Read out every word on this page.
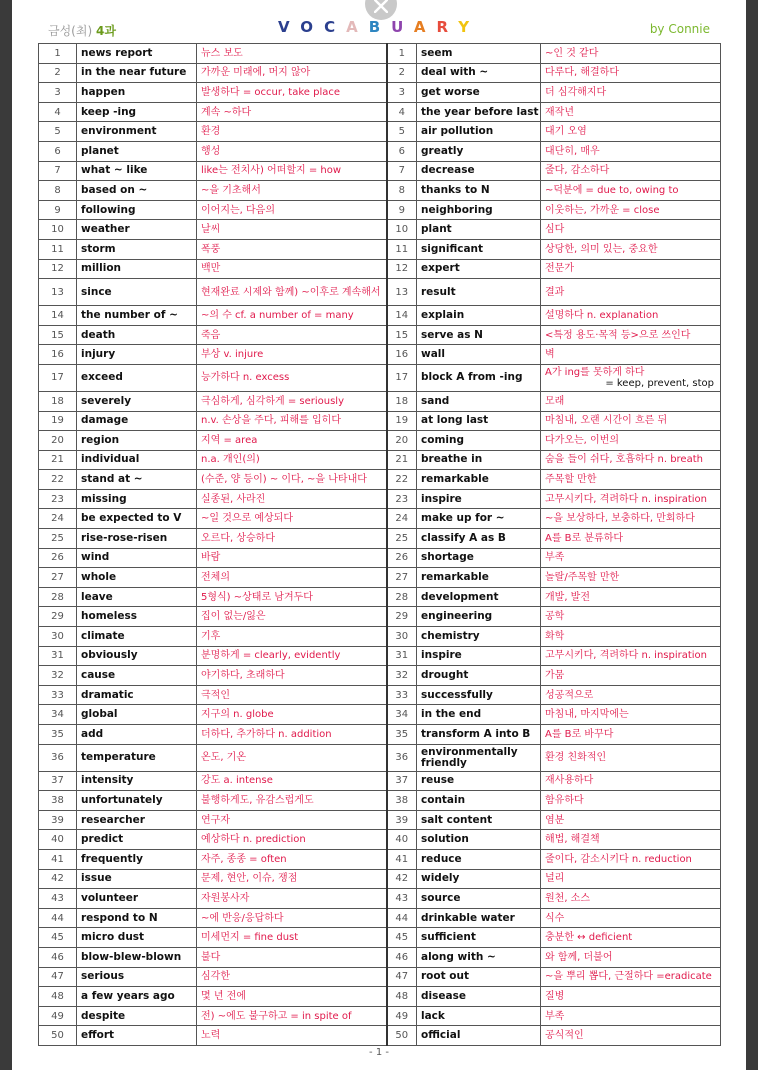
금성(최) 4과	VOCABUARY	by Connie
1	news report	뉴스 보도	1	seem	~인 것 같다
2	in the near future	가까운 미래에, 머지 않아	2	deal with ~	다루다, 해결하다
3	happen	발생하다 = occur, take place	3	get worse	더 심각해지다
4	keep -ing	계속 ~하다	4	the year before last	재작년
5	environment	환경	5	air pollution	대기 오염
6	planet	행성	6	greatly	대단히, 매우
7	what ~ like	like는 전치사) 어떠할지 = how	7	decrease	줄다, 감소하다
8	based on ~	~을 기초해서	8	thanks to N	~덕분에 = due to, owing to
9	following	이어지는, 다음의	9	neighboring	이웃하는, 가까운 = close
10	weather	날씨	10	plant	심다
11	storm	폭풍	11	significant	상당한, 의미 있는, 중요한
12	million	백만	12	expert	전문가
13	since	현재완료 시제와 함께) ~이후로 계속해서	13	result	결과
14	the number of ~	~의 수 cf. a number of = many	14	explain	설명하다 n. explanation
15	death	죽음	15	serve as N	<특정 용도·목적 등>으로 쓰인다
16	injury	부상 v. injure	16	wall	벽
17	exceed	능가하다 n. excess	17	block A from -ing	A가 ing를 못하게 하다
= keep, prevent, stop

18	severely	극심하게, 심각하게 = seriously	18	sand	모래
19	damage	n.v. 손상을 주다, 피해를 입히다	19	at long last	마침내, 오랜 시간이 흐른 뒤
20	region	지역 = area	20	coming	다가오는, 이번의
21	individual	n.a. 개인(의)	21	breathe in	숨을 들이 쉬다, 호흡하다 n. breath
22	stand at ~	(수준, 양 등이) ~ 이다, ~을 나타내다	22	remarkable	주목할 만한
23	missing	실종된, 사라진	23	inspire	고무시키다, 격려하다 n. inspiration
24	be expected to V	~일 것으로 예상되다	24	make up for ~	~을 보상하다, 보충하다, 만회하다
25	rise-rose-risen	오르다, 상승하다	25	classify A as B	A를 B로 분류하다
26	wind	바람	26	shortage	부족
27	whole	전체의	27	remarkable	놀랄/주목할 만한
28	leave	5형식) ~상태로 남겨두다	28	development	개발, 발전
29	homeless	집이 없는/잃은	29	engineering	공학
30	climate	기후	30	chemistry	화학
31	obviously	분명하게 = clearly, evidently	31	inspire	고무시키다, 격려하다 n. inspiration
32	cause	야기하다, 초래하다	32	drought	가뭄
33	dramatic	극적인	33	successfully	성공적으로
34	global	지구의 n. globe	34	in the end	마침내, 마지막에는
35	add	더하다, 추가하다 n. addition	35	transform A into B	A를 B로 바꾸다
36	temperature	온도, 기온	36	environmentally friendly	환경 친화적인
37	intensity	강도 a. intense	37	reuse	재사용하다
38	unfortunately	불행하게도, 유감스럽게도	38	contain	함유하다
39	researcher	연구자	39	salt content	염분
40	predict	예상하다 n. prediction	40	solution	해법, 해결책
41	frequently	자주, 종종 = often	41	reduce	줄이다, 감소시키다 n. reduction
42	issue	문제, 현안, 이슈, 쟁점	42	widely	널리
43	volunteer	자원봉사자	43	source	원천, 소스
44	respond to N	~에 반응/응답하다	44	drinkable water	식수
45	micro dust	미세먼지 = fine dust	45	sufficient	충분한 ↔ deficient
46	blow-blew-blown	불다	46	along with ~	와 함께, 더불어
47	serious	심각한	47	root out	~을 뿌리 뽑다, 근절하다 =eradicate
48	a few years ago	몇 년 전에	48	disease	질병
49	despite	전) ~에도 불구하고 = in spite of	49	lack	부족
50	effort	노력	50	official	공식적인
- 1 -
